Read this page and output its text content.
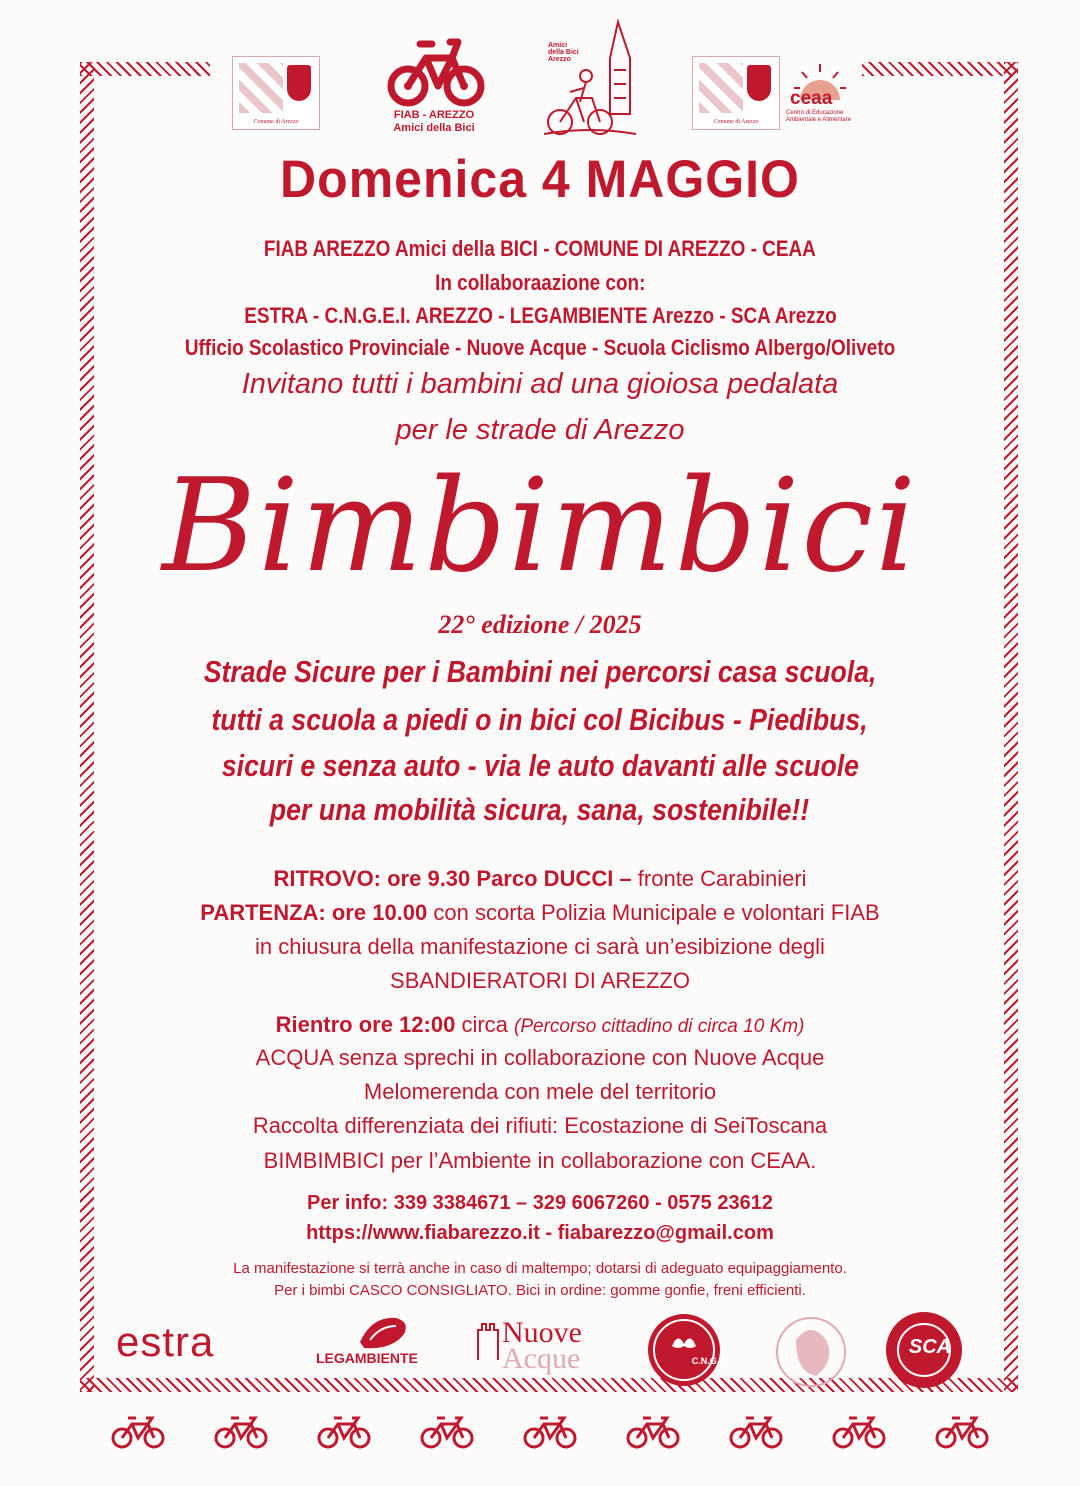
Comune di Arezzo
FIAB - AREZZO
Amici della Bici
Amici
della Bici
Arezzo
Comune di Arezzo
ceaa
Centro di Educazione Ambientale e Alimentare
Domenica 4 MAGGIO
FIAB AREZZO Amici della BICI - COMUNE DI AREZZO - CEAA
In collaboraazione con:
ESTRA - C.N.G.E.I. AREZZO - LEGAMBIENTE Arezzo - SCA Arezzo
Ufficio Scolastico Provinciale - Nuove Acque - Scuola Ciclismo Albergo/Oliveto
Invitano tutti i bambini ad una gioiosa pedalata
per le strade di Arezzo
Bimbimbici
22° edizione / 2025
Strade Sicure per i Bambini nei percorsi casa scuola,
tutti a scuola a piedi o in bici col Bicibus - Piedibus,
sicuri e senza auto - via le auto davanti alle scuole
per una mobilità sicura, sana, sostenibile!!
RITROVO: ore 9.30 Parco DUCCI – fronte Carabinieri
PARTENZA: ore 10.00 con scorta Polizia Municipale e volontari FIAB
in chiusura della manifestazione ci sarà un’esibizione degli
SBANDIERATORI DI AREZZO
Rientro ore 12:00 circa (Percorso cittadino di circa 10 Km)
ACQUA senza sprechi in collaborazione con Nuove Acque
Melomerenda con mele del territorio
Raccolta differenziata dei rifiuti: Ecostazione di SeiToscana
BIMBIMBICI per l’Ambiente in collaborazione con CEAA.
Per info: 339 3384671 – 329 6067260 - 0575 23612
https://www.fiabarezzo.it - fiabarezzo@gmail.com
La manifestazione si terrà anche in caso di maltempo; dotarsi di adeguato equipaggiamento.
Per i bimbi CASCO CONSIGLIATO. Bici in ordine: gomme gonfie, freni efficienti.
estra	LEGAMBIENTE
Nuove
Acque	C.N.G.E.I
SCA
